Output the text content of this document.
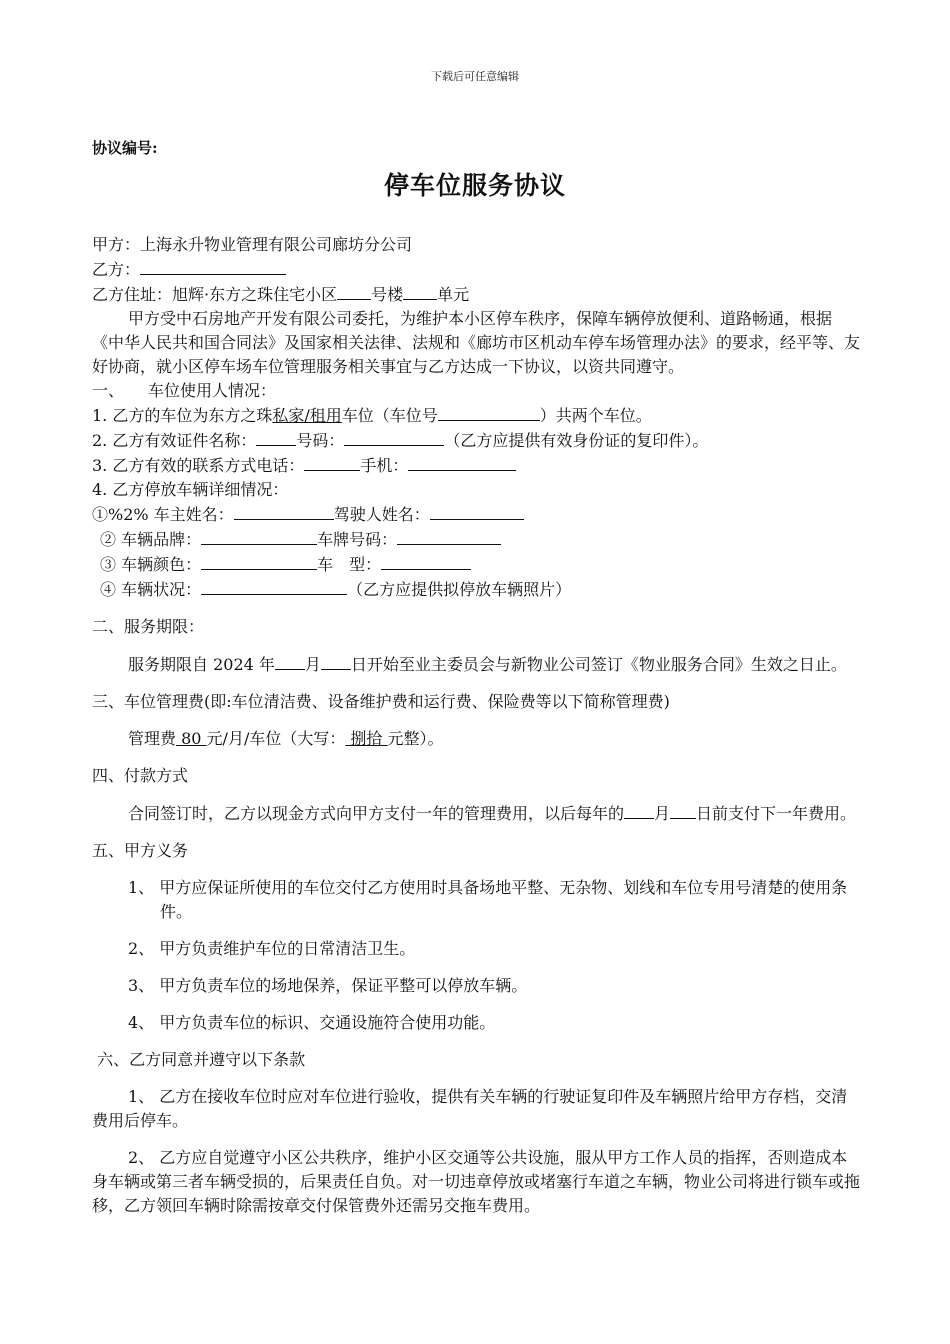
下载后可任意编辑
协议编号:
停车位服务协议

甲方：上海永升物业管理有限公司廊坊分公司

乙方：

乙方住址：旭辉·东方之珠住宅小区 号楼 单元

甲方受中石房地产开发有限公司委托，为维护本小区停车秩序，保障车辆停放便利、道路畅通，根据《中华人民共和国合同法》及国家相关法律、法规和《廊坊市区机动车停车场管理办法》的要求，经平等、友好协商，就小区停车场车位管理服务相关事宜与乙方达成一下协议，以资共同遵守。

一、　　车位使用人情况：

1. 乙方的车位为东方之珠私家/租用车位（车位号	）共两个车位。

2. 乙方有效证件名称：	号码：	（乙方应提供有效身份证的复印件）。

3. 乙方有效的联系方式电话：	手机：

4. 乙方停放车辆详细情况：

①%2% 车主姓名：	驾驶人姓名：

② 车辆品牌：	车牌号码：

③ 车辆颜色：	车　型：

④ 车辆状况：	（乙方应提供拟停放车辆照片）

二、服务期限：

服务期限自 2024 年 月 日开始至业主委员会与新物业公司签订《物业服务合同》生效之日止。

三、车位管理费(即:车位清洁费、设备维护费和运行费、保险费等以下简称管理费)

管理费 80 元/月/车位（大写： 捌拾 元整）。

四、付款方式

合同签订时，乙方以现金方式向甲方支付一年的管理费用，以后每年的 月 日前支付下一年费用。

五、甲方义务

1、 甲方应保证所使用的车位交付乙方使用时具备场地平整、无杂物、划线和车位专用号清楚的使用条件。

2、 甲方负责维护车位的日常清洁卫生。

3、 甲方负责车位的场地保养，保证平整可以停放车辆。

4、 甲方负责车位的标识、交通设施符合使用功能。

六、乙方同意并遵守以下条款

1、 乙方在接收车位时应对车位进行验收，提供有关车辆的行驶证复印件及车辆照片给甲方存档，交清费用后停车。

2、 乙方应自觉遵守小区公共秩序，维护小区交通等公共设施，服从甲方工作人员的指挥，否则造成本身车辆或第三者车辆受损的，后果责任自负。对一切违章停放或堵塞行车道之车辆，物业公司将进行锁车或拖移，乙方领回车辆时除需按章交付保管费外还需另交拖车费用。
